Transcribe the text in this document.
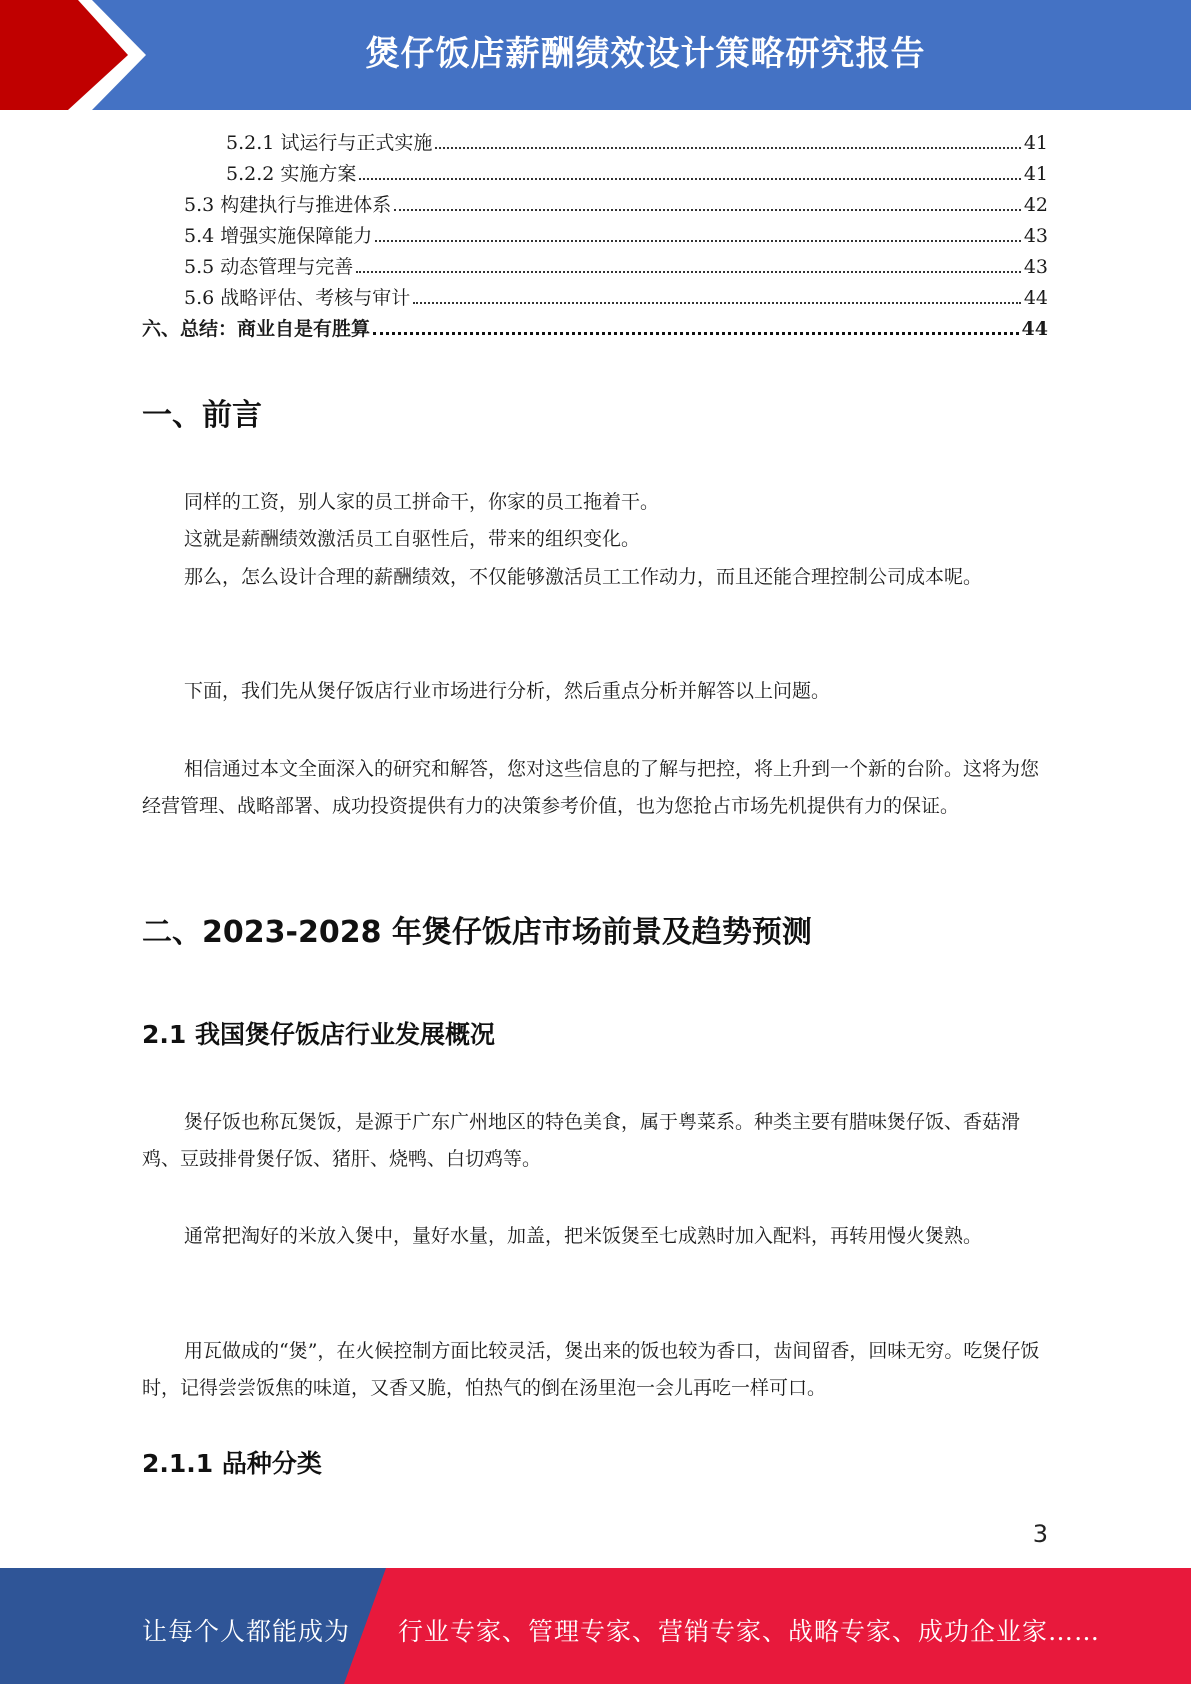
煲仔饭店薪酬绩效设计策略研究报告
5.2.1 试运行与正式实施	41
5.2.2 实施方案	41
5.3 构建执行与推进体系	42
5.4 增强实施保障能力	43
5.5 动态管理与完善	43
5.6 战略评估、考核与审计	44
六、总结：商业自是有胜算	44
一、前言

同样的工资，别人家的员工拼命干，你家的员工拖着干。

这就是薪酬绩效激活员工自驱性后，带来的组织变化。

那么，怎么设计合理的薪酬绩效，不仅能够激活员工工作动力，而且还能合理控制公司成本呢。

下面，我们先从煲仔饭店行业市场进行分析，然后重点分析并解答以上问题。

相信通过本文全面深入的研究和解答，您对这些信息的了解与把控，将上升到一个新的台阶。这将为您经营管理、战略部署、成功投资提供有力的决策参考价值，也为您抢占市场先机提供有力的保证。

二、2023-2028 年煲仔饭店市场前景及趋势预测
2.1 我国煲仔饭店行业发展概况

煲仔饭也称瓦煲饭，是源于广东广州地区的特色美食，属于粤菜系。种类主要有腊味煲仔饭、香菇滑鸡、豆豉排骨煲仔饭、猪肝、烧鸭、白切鸡等。

通常把淘好的米放入煲中，量好水量，加盖，把米饭煲至七成熟时加入配料，再转用慢火煲熟。

用瓦做成的“煲”，在火候控制方面比较灵活，煲出来的饭也较为香口，齿间留香，回味无穷。吃煲仔饭时，记得尝尝饭焦的味道，又香又脆，怕热气的倒在汤里泡一会儿再吃一样可口。

2.1.1 品种分类
3
让每个人都能成为 行业专家、管理专家、营销专家、战略专家、成功企业家……
